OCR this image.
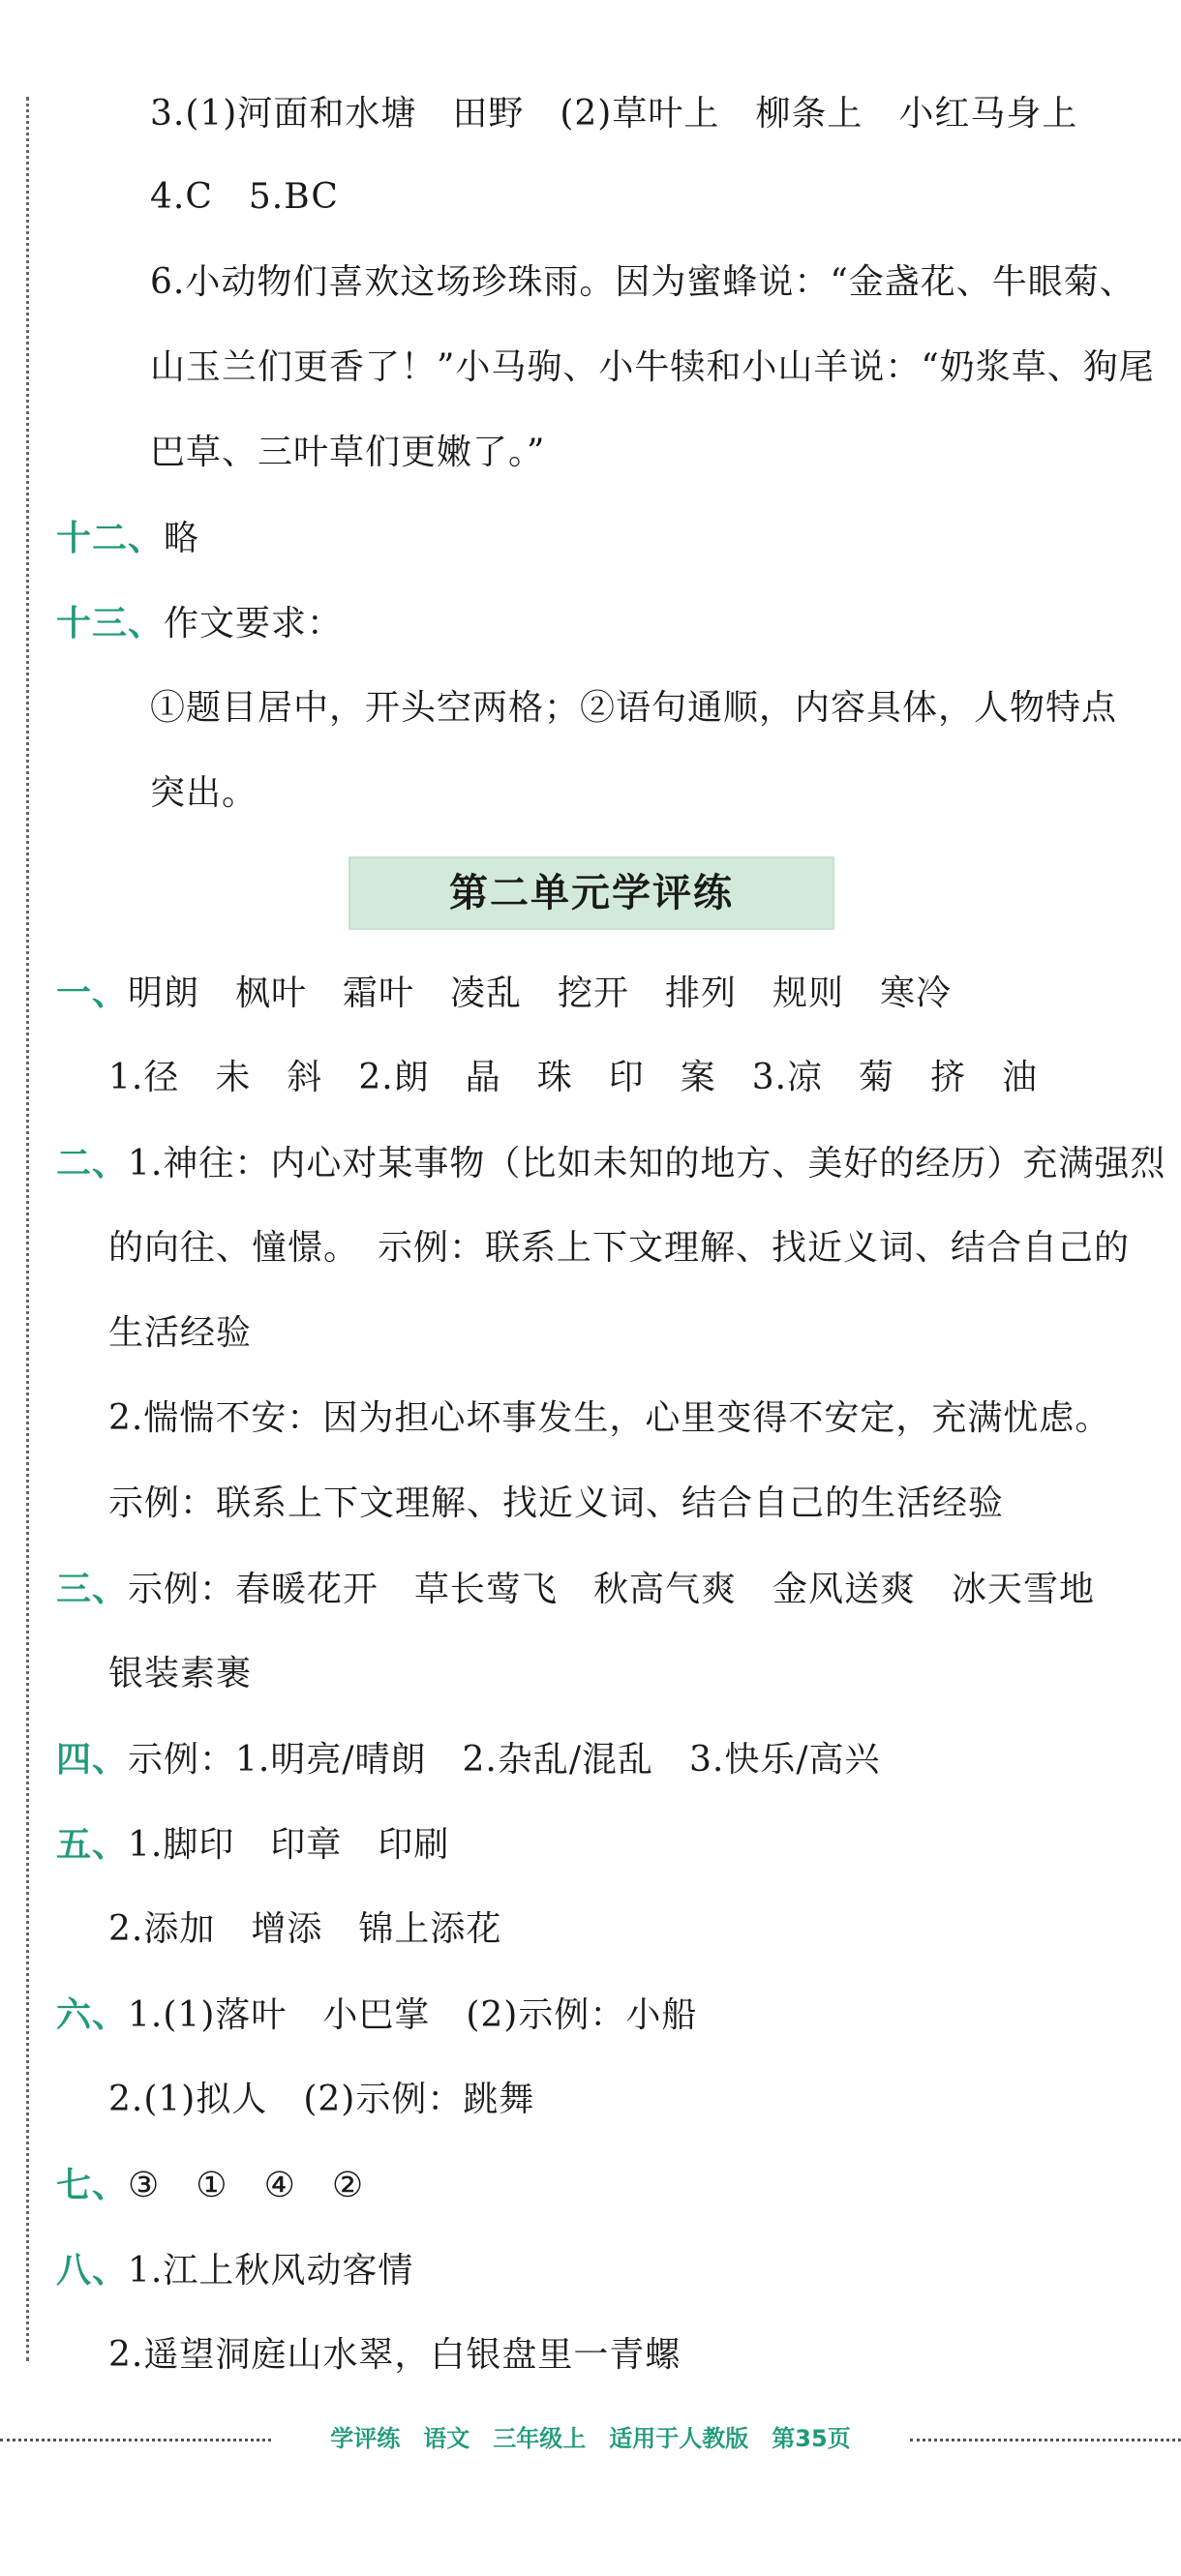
3.(1)河面和水塘　田野　(2)草叶上　柳条上　小红马身上
4.C　5.BC
6.小动物们喜欢这场珍珠雨。因为蜜蜂说：“金盏花、牛眼菊、
山玉兰们更香了！”小马驹、小牛犊和小山羊说：“奶浆草、狗尾
巴草、三叶草们更嫩了。”
十二、略
十三、作文要求：
①题目居中，开头空两格；②语句通顺，内容具体，人物特点
突出。
第二单元学评练
一、明朗　枫叶　霜叶　凌乱　挖开　排列　规则　寒冷
1.径　未　斜　2.朗　晶　珠　印　案　3.凉　菊　挤　油
二、1.神往：内心对某事物（比如未知的地方、美好的经历）充满强烈
的向往、憧憬。　示例：联系上下文理解、找近义词、结合自己的
生活经验
2.惴惴不安：因为担心坏事发生，心里变得不安定，充满忧虑。
示例：联系上下文理解、找近义词、结合自己的生活经验
三、示例：春暖花开　草长莺飞　秋高气爽　金风送爽　冰天雪地
银装素裹
四、示例：1.明亮/晴朗　2.杂乱/混乱　3.快乐/高兴
五、1.脚印　印章　印刷
2.添加　增添　锦上添花
六、1.(1)落叶　小巴掌　(2)示例：小船
2.(1)拟人　(2)示例：跳舞
七、③　①　④　②
八、1.江上秋风动客情
2.遥望洞庭山水翠，白银盘里一青螺
学评练　语文　三年级上　适用于人教版　第35页
